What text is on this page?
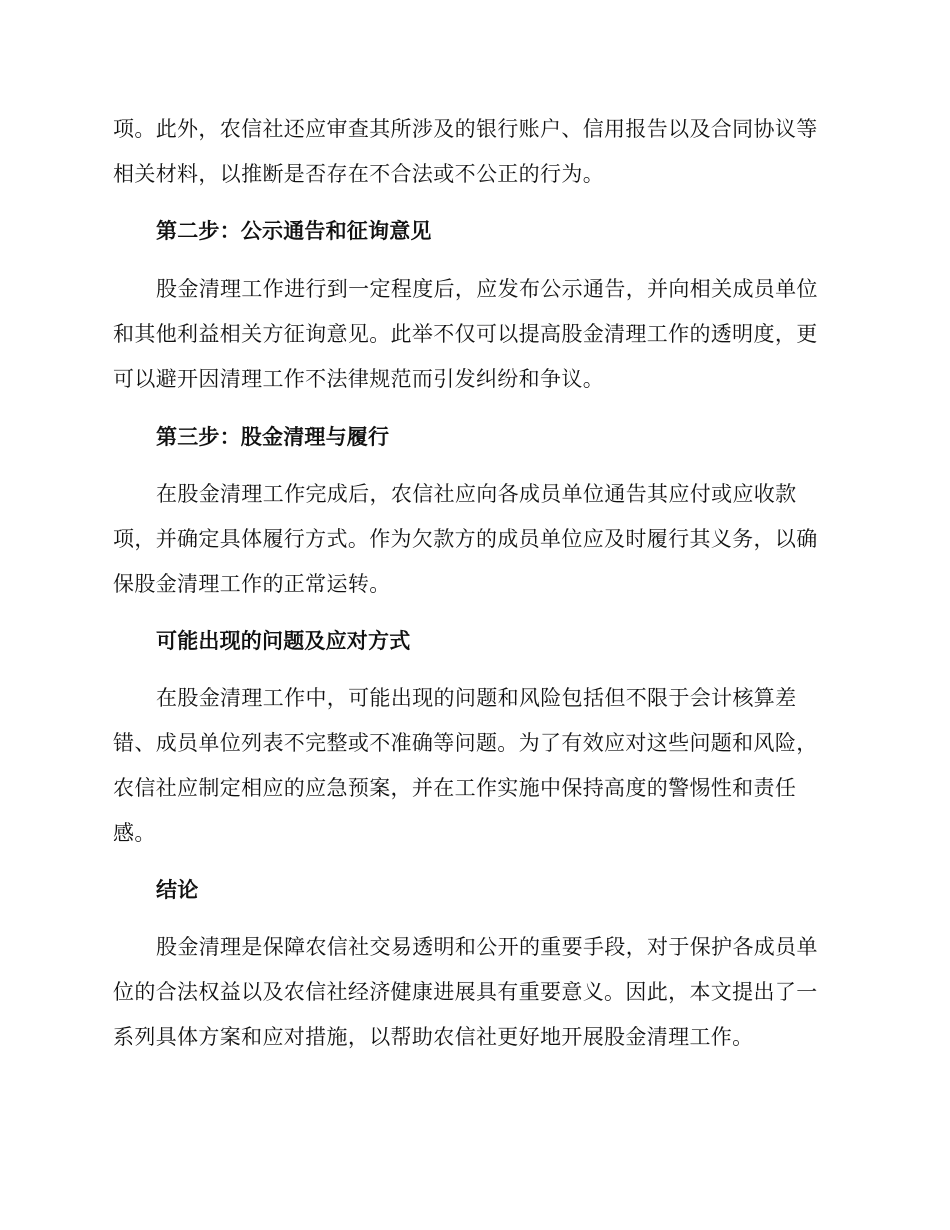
项。此外，农信社还应审查其所涉及的银行账户、信用报告以及合同协议等
相关材料，以推断是否存在不合法或不公正的行为。
第二步：公示通告和征询意见
股金清理工作进行到一定程度后，应发布公示通告，并向相关成员单位
和其他利益相关方征询意见。此举不仅可以提高股金清理工作的透明度，更
可以避开因清理工作不法律规范而引发纠纷和争议。
第三步：股金清理与履行
在股金清理工作完成后，农信社应向各成员单位通告其应付或应收款
项，并确定具体履行方式。作为欠款方的成员单位应及时履行其义务，以确
保股金清理工作的正常运转。
可能出现的问题及应对方式
在股金清理工作中，可能出现的问题和风险包括但不限于会计核算差
错、成员单位列表不完整或不准确等问题。为了有效应对这些问题和风险，
农信社应制定相应的应急预案，并在工作实施中保持高度的警惕性和责任
感。
结论
股金清理是保障农信社交易透明和公开的重要手段，对于保护各成员单
位的合法权益以及农信社经济健康进展具有重要意义。因此，本文提出了一
系列具体方案和应对措施，以帮助农信社更好地开展股金清理工作。
